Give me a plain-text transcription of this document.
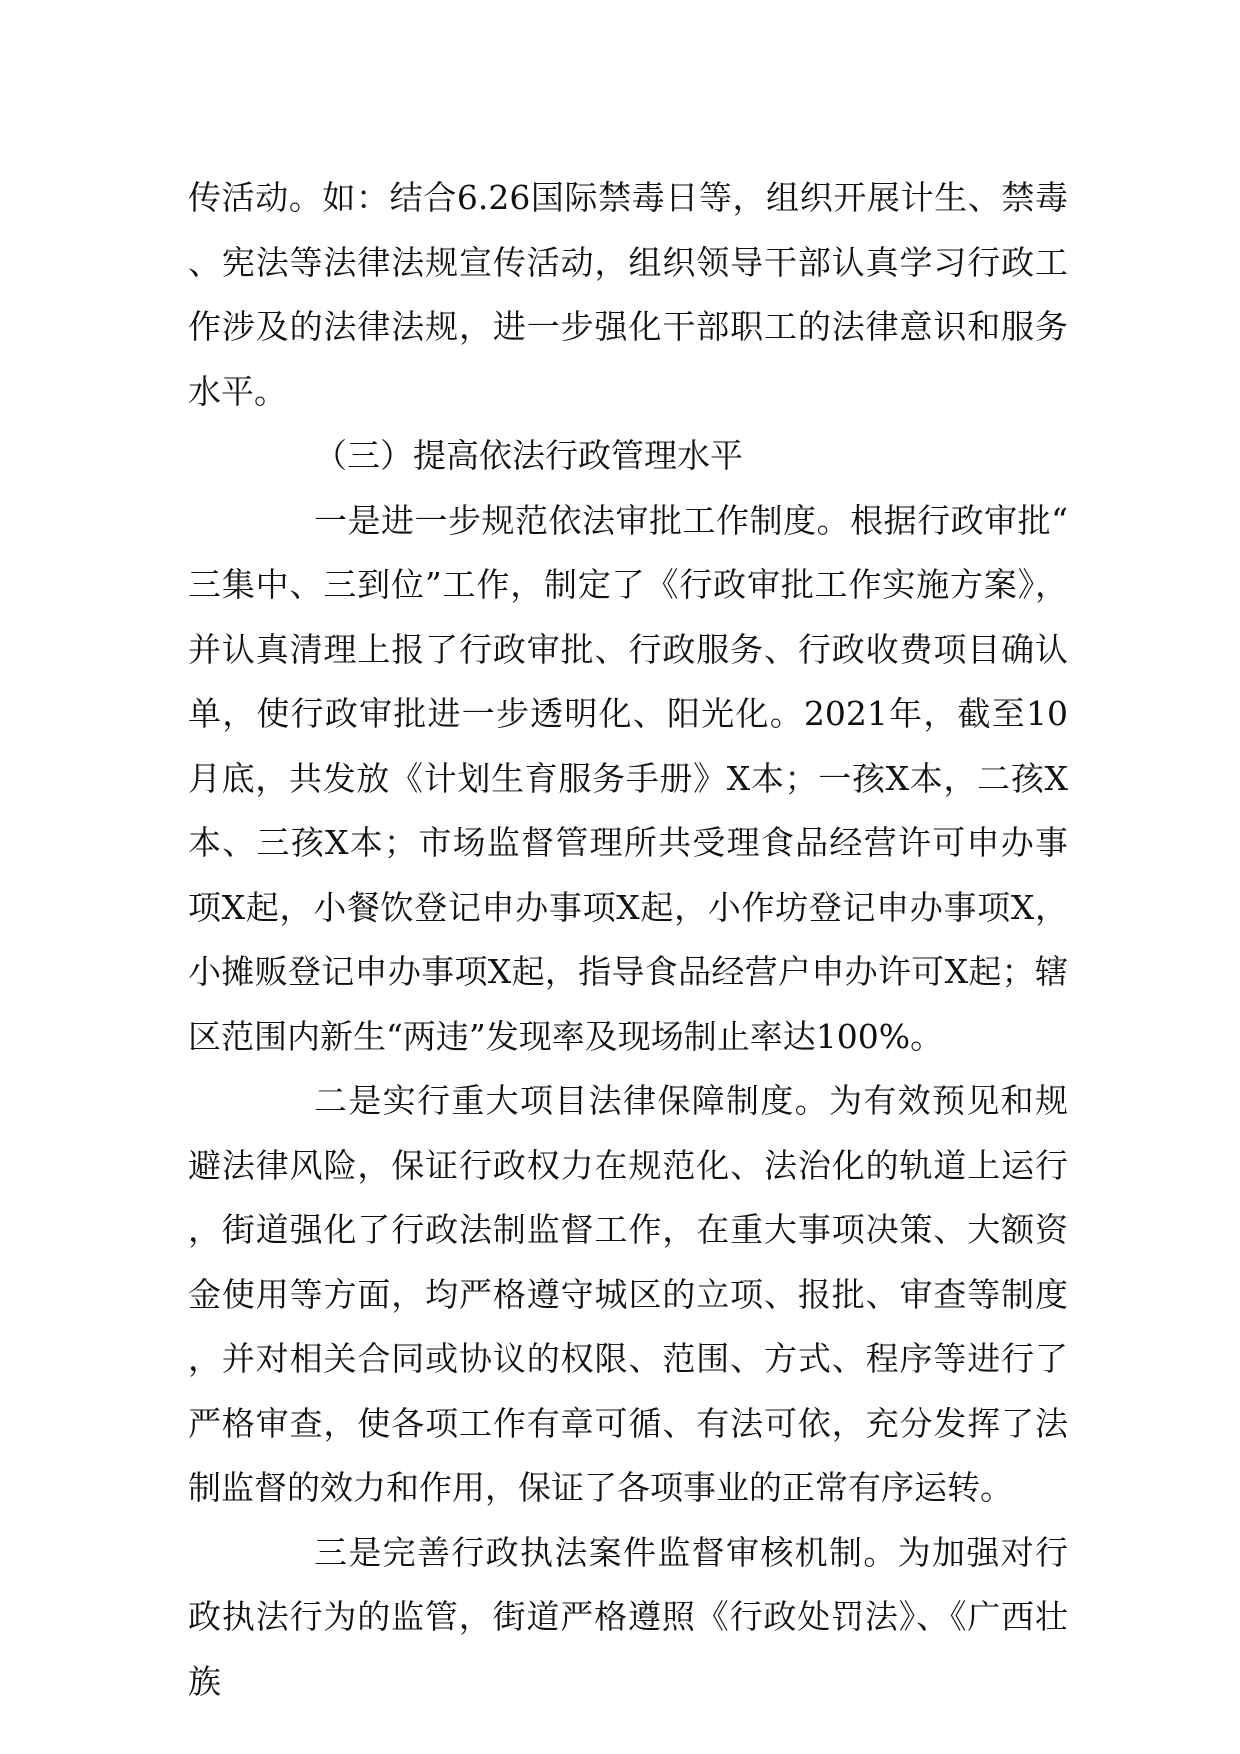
传活动。如：结合6.26国际禁毒日等，组织开展计生、禁毒、宪法等法律法规宣传活动，组织领导干部认真学习行政工作涉及的法律法规，进一步强化干部职工的法律意识和服务水平。

（三）提高依法行政管理水平

一是进一步规范依法审批工作制度。根据行政审批“三集中、三到位”工作，制定了《行政审批工作实施方案》，并认真清理上报了行政审批、行政服务、行政收费项目确认单，使行政审批进一步透明化、阳光化。2021年，截至10月底，共发放《计划生育服务手册》X本；一孩X本，二孩X本、三孩X本；市场监督管理所共受理食品经营许可申办事项X起，小餐饮登记申办事项X起，小作坊登记申办事项X，小摊贩登记申办事项X起，指导食品经营户申办许可X起；辖区范围内新生“两违”发现率及现场制止率达100%。

二是实行重大项目法律保障制度。为有效预见和规避法律风险，保证行政权力在规范化、法治化的轨道上运行，街道强化了行政法制监督工作，在重大事项决策、大额资金使用等方面，均严格遵守城区的立项、报批、审查等制度，并对相关合同或协议的权限、范围、方式、程序等进行了严格审查，使各项工作有章可循、有法可依，充分发挥了法制监督的效力和作用，保证了各项事业的正常有序运转。

三是完善行政执法案件监督审核机制。为加强对行政执法行为的监管，街道严格遵照《行政处罚法》、《广西壮族
